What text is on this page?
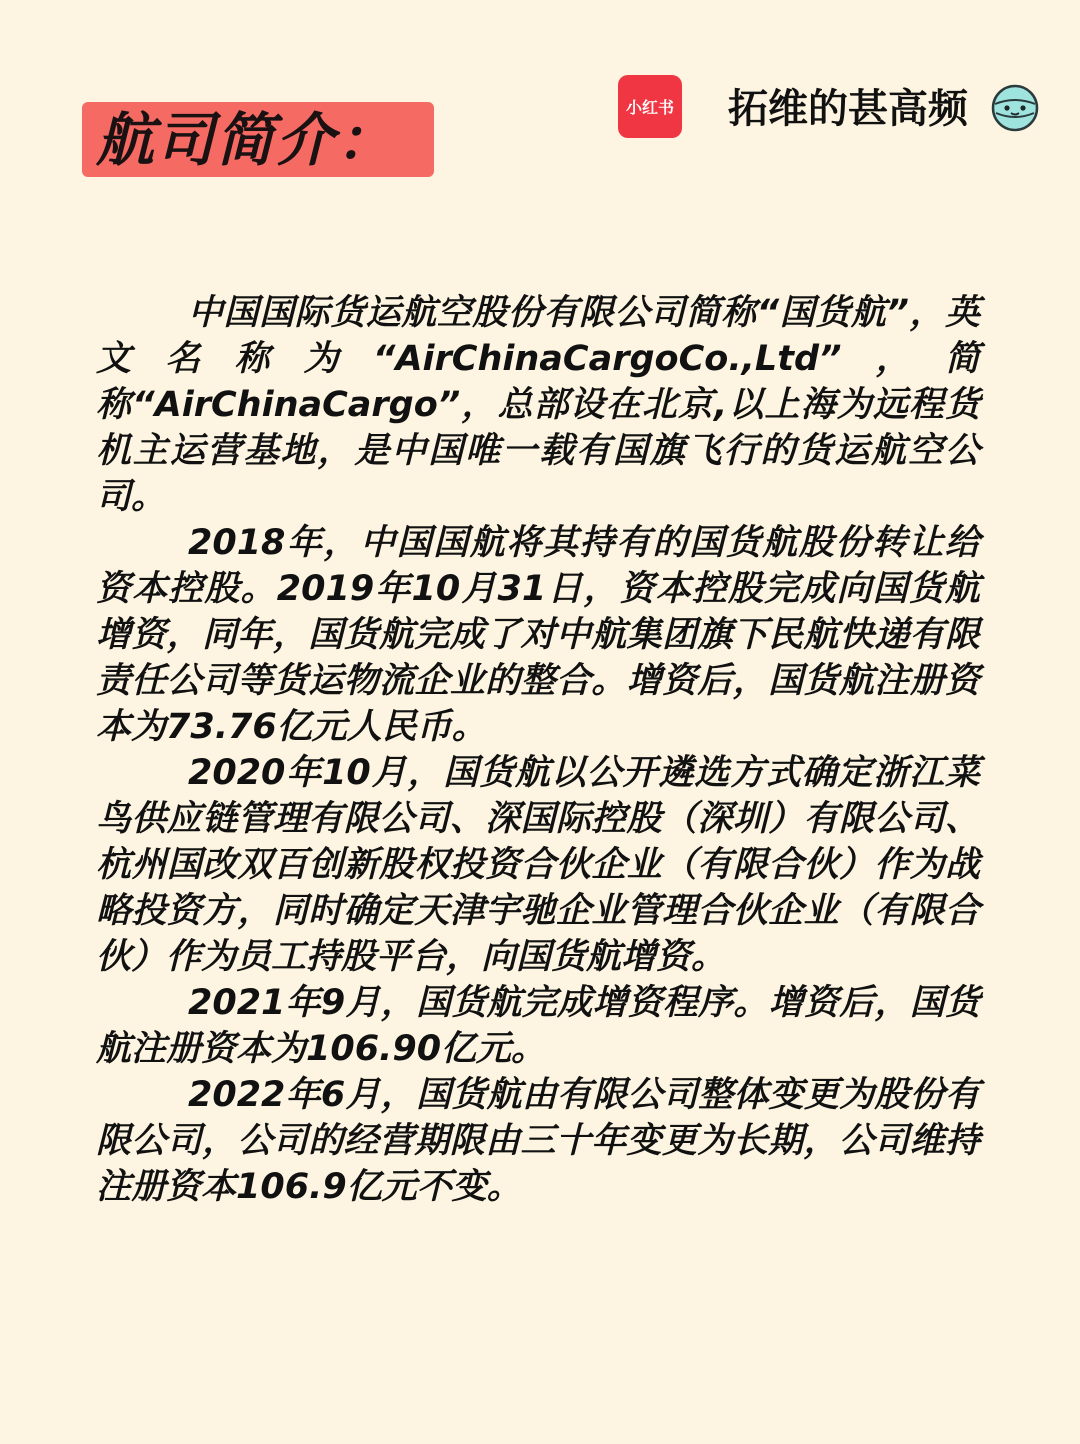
航司简介：	小红书 拓维的甚高频

中国国际货运航空股份有限公司简称“国货航”，英文名称为“AirChinaCargoCo.,Ltd”，简称“AirChinaCargo”，总部设在北京,以上海为远程货机主运营基地，是中国唯一载有国旗飞行的货运航空公司。

2018年，中国国航将其持有的国货航股份转让给资本控股。2019年10月31日，资本控股完成向国货航增资，同年，国货航完成了对中航集团旗下民航快递有限责任公司等货运物流企业的整合。增资后，国货航注册资本为73.76亿元人民币。

2020年10月，国货航以公开遴选方式确定浙江菜鸟供应链管理有限公司、深国际控股（深圳）有限公司、杭州国改双百创新股权投资合伙企业（有限合伙）作为战略投资方，同时确定天津宇驰企业管理合伙企业（有限合伙）作为员工持股平台，向国货航增资。

2021年9月，国货航完成增资程序。增资后，国货航注册资本为106.90亿元。

2022年6月，国货航由有限公司整体变更为股份有限公司，公司的经营期限由三十年变更为长期，公司维持注册资本106.9亿元不变。
